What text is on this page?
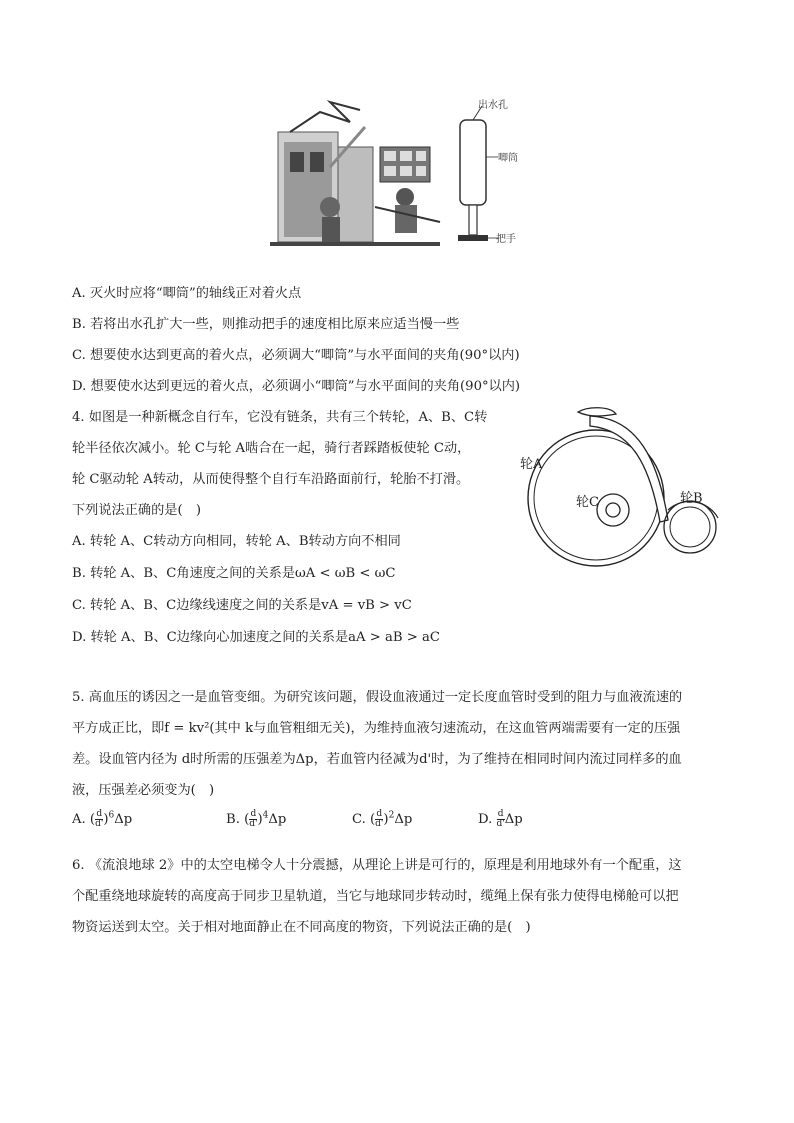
出水孔
唧筒
把手
A. 灭火时应将“唧筒”的轴线正对着火点
B. 若将出水孔扩大一些，则推动把手的速度相比原来应适当慢一些
C. 想要使水达到更高的着火点，必须调大“唧筒”与水平面间的夹角(90°以内)
D. 想要使水达到更远的着火点，必须调小“唧筒”与水平面间的夹角(90°以内)
4. 如图是一种新概念自行车，它没有链条，共有三个转轮，A、B、C转
轮半径依次减小。轮 C与轮 A啮合在一起，骑行者踩踏板使轮 C动，
轮 C驱动轮 A转动，从而使得整个自行车沿路面前行，轮胎不打滑。
下列说法正确的是(　)
轮A
轮B
轮C
A. 转轮 A、C转动方向相同，转轮 A、B转动方向不相同
B. 转轮 A、B、C角速度之间的关系是ωA < ωB < ωC
C. 转轮 A、B、C边缘线速度之间的关系是vA = vB > vC
D. 转轮 A、B、C边缘向心加速度之间的关系是aA > aB > aC
5. 高血压的诱因之一是血管变细。为研究该问题，假设血液通过一定长度血管时受到的阻力与血液流速的
平方成正比，即f = kv²(其中 k与血管粗细无关)，为维持血液匀速流动，在这血管两端需要有一定的压强
差。设血管内径为 d时所需的压强差为Δp，若血管内径减为d'时，为了维持在相同时间内流过同样多的血
液，压强差必须变为(　)
A. ( $\frac{d}{d'} )^6\Delta p$	B. ( $\frac{d}{d'} )^4\Delta p$	C. ( $\frac{d}{d'} )^2\Delta p$	D. $\frac{d}{d'}$ Δp
6. 《流浪地球 2》中的太空电梯令人十分震撼，从理论上讲是可行的，原理是利用地球外有一个配重，这
个配重绕地球旋转的高度高于同步卫星轨道，当它与地球同步转动时，缆绳上保有张力使得电梯舱可以把
物资运送到太空。关于相对地面静止在不同高度的物资，下列说法正确的是(　)
